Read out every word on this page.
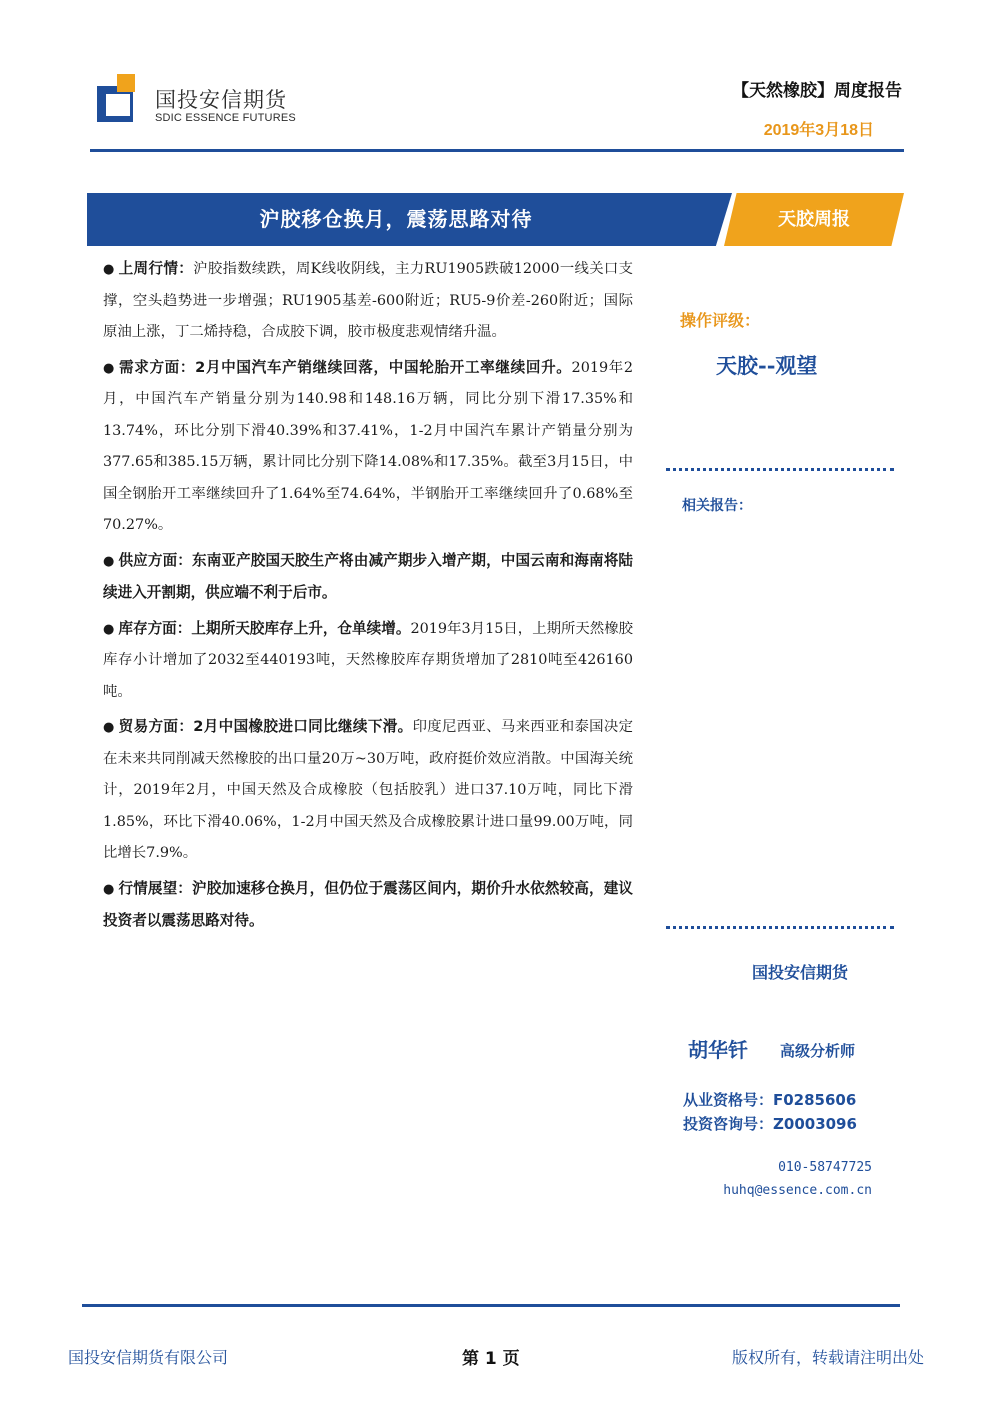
国投安信期货
SDIC ESSENCE FUTURES
【天然橡胶】周度报告
2019年3月18日
沪胶移仓换月，震荡思路对待	天胶周报

● 上周行情：沪胶指数续跌，周K线收阴线，主力RU1905跌破12000一线关口支撑，空头趋势进一步增强；RU1905基差-600附近；RU5-9价差-260附近；国际原油上涨，丁二烯持稳，合成胶下调，胶市极度悲观情绪升温。

● 需求方面：2月中国汽车产销继续回落，中国轮胎开工率继续回升。2019年2月，中国汽车产销量分别为140.98和148.16万辆，同比分别下滑17.35%和13.74%，环比分别下滑40.39%和37.41%，1-2月中国汽车累计产销量分别为377.65和385.15万辆，累计同比分别下降14.08%和17.35%。截至3月15日，中国全钢胎开工率继续回升了1.64%至74.64%，半钢胎开工率继续回升了0.68%至70.27%。

● 供应方面：东南亚产胶国天胶生产将由减产期步入增产期，中国云南和海南将陆续进入开割期，供应端不利于后市。

● 库存方面：上期所天胶库存上升，仓单续增。2019年3月15日，上期所天然橡胶库存小计增加了2032至440193吨，天然橡胶库存期货增加了2810吨至426160吨。

● 贸易方面：2月中国橡胶进口同比继续下滑。印度尼西亚、马来西亚和泰国决定在未来共同削减天然橡胶的出口量20万~30万吨，政府挺价效应消散。中国海关统计，2019年2月，中国天然及合成橡胶（包括胶乳）进口37.10万吨，同比下滑1.85%，环比下滑40.06%，1-2月中国天然及合成橡胶累计进口量99.00万吨，同比增长7.9%。

● 行情展望：沪胶加速移仓换月，但仍位于震荡区间内，期价升水依然较高，建议投资者以震荡思路对待。

操作评级：
天胶--观望
相关报告：
国投安信期货
胡华钎 高级分析师
从业资格号：F0285606
投资咨询号：Z0003096
010-58747725
huhq@essence.com.cn
国投安信期货有限公司	第 1 页	版权所有，转载请注明出处
